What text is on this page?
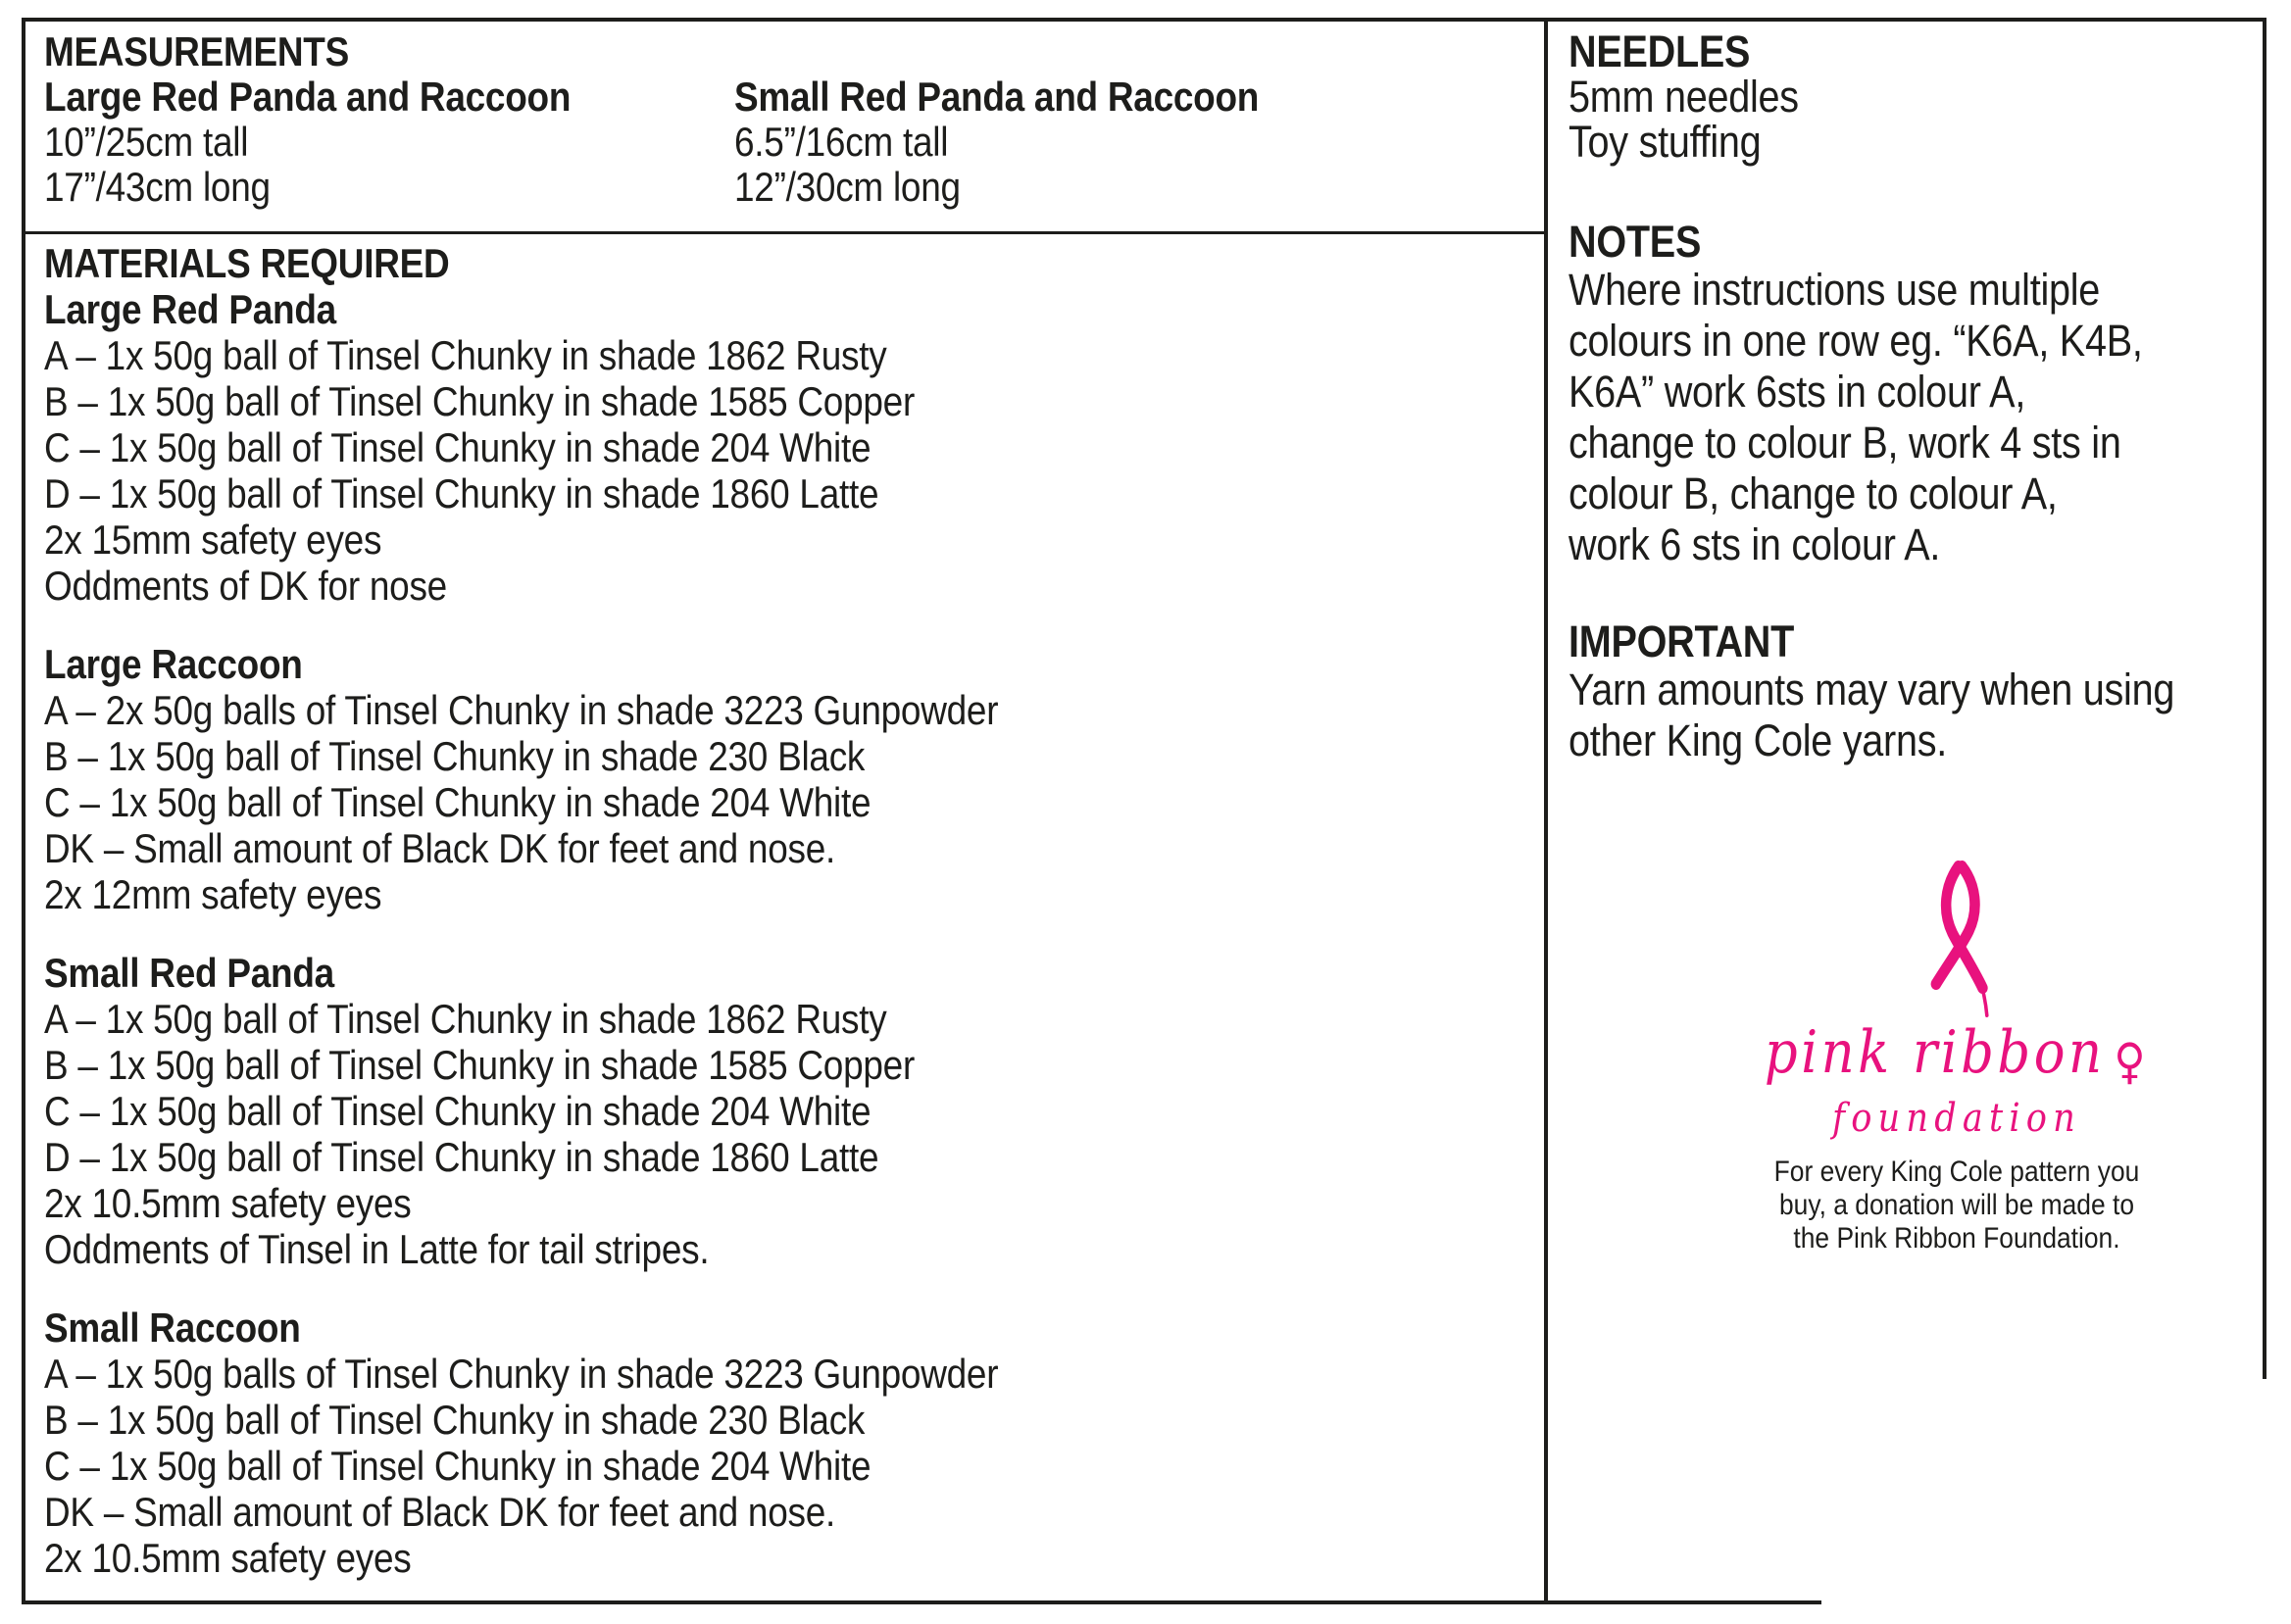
MEASUREMENTS
Large Red Panda and Raccoon
10”/25cm tall
17”/43cm long
Small Red Panda and Raccoon
6.5”/16cm tall
12”/30cm long
MATERIALS REQUIRED
Large Red Panda
A – 1x 50g ball of Tinsel Chunky in shade 1862 Rusty
B – 1x 50g ball of Tinsel Chunky in shade 1585 Copper
C – 1x 50g ball of Tinsel Chunky in shade 204 White
D – 1x 50g ball of Tinsel Chunky in shade 1860 Latte
2x 15mm safety eyes
Oddments of DK for nose
Large Raccoon
A – 2x 50g balls of Tinsel Chunky in shade 3223 Gunpowder
B – 1x 50g ball of Tinsel Chunky in shade 230 Black
C – 1x 50g ball of Tinsel Chunky in shade 204 White
DK – Small amount of Black DK for feet and nose.
2x 12mm safety eyes
Small Red Panda
A – 1x 50g ball of Tinsel Chunky in shade 1862 Rusty
B – 1x 50g ball of Tinsel Chunky in shade 1585 Copper
C – 1x 50g ball of Tinsel Chunky in shade 204 White
D – 1x 50g ball of Tinsel Chunky in shade 1860 Latte
2x 10.5mm safety eyes
Oddments of Tinsel in Latte for tail stripes.
Small Raccoon
A – 1x 50g balls of Tinsel Chunky in shade 3223 Gunpowder
B – 1x 50g ball of Tinsel Chunky in shade 230 Black
C – 1x 50g ball of Tinsel Chunky in shade 204 White
DK – Small amount of Black DK for feet and nose.
2x 10.5mm safety eyes
NEEDLES
5mm needles
Toy stuffing
NOTES
Where instructions use multiple
colours in one row eg. “K6A, K4B,
K6A” work 6sts in colour A,
change to colour B, work 4 sts in
colour B, change to colour A,
work 6 sts in colour A.
IMPORTANT
Yarn amounts may vary when using
other King Cole yarns.
pink ribbon ♀
foundation
For every King Cole pattern you
buy, a donation will be made to
the Pink Ribbon Foundation.
